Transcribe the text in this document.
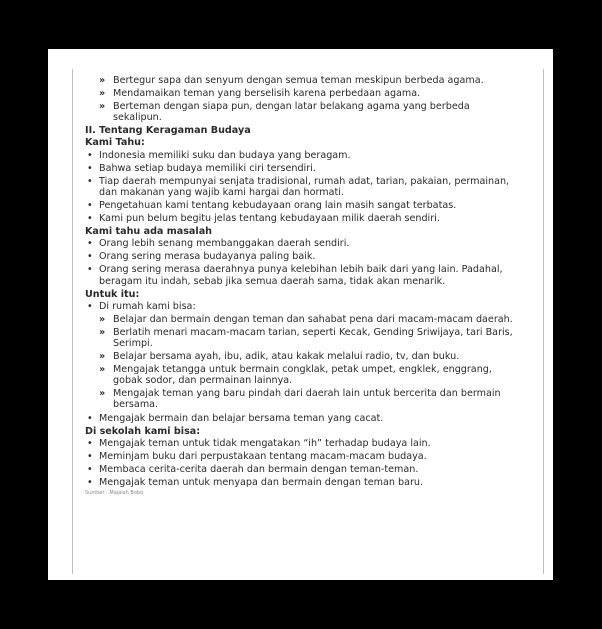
» Bertegur sapa dan senyum dengan semua teman meskipun berbeda agama.
» Mendamaikan teman yang berselisih karena perbedaan agama.
» Berteman dengan siapa pun, dengan latar belakang agama yang berbeda sekalipun.
II. Tentang Keragaman Budaya
Kami Tahu:
• Indonesia memiliki suku dan budaya yang beragam.
• Bahwa setiap budaya memiliki ciri tersendiri.
• Tiap daerah mempunyai senjata tradisional, rumah adat, tarian, pakaian, permainan, dan makanan yang wajib kami hargai dan hormati.
• Pengetahuan kami tentang kebudayaan orang lain masih sangat terbatas.
• Kami pun belum begitu jelas tentang kebudayaan milik daerah sendiri.
Kami tahu ada masalah
• Orang lebih senang membanggakan daerah sendiri.
• Orang sering merasa budayanya paling baik.
• Orang sering merasa daerahnya punya kelebihan lebih baik dari yang lain. Padahal, beragam itu indah, sebab jika semua daerah sama, tidak akan menarik.
Untuk itu:
• Di rumah kami bisa:
» Belajar dan bermain dengan teman dan sahabat pena dari macam-macam daerah.
» Berlatih menari macam-macam tarian, seperti Kecak, Gending Sriwijaya, tari Baris, Serimpi.
» Belajar bersama ayah, ibu, adik, atau kakak melalui radio, tv, dan buku.
» Mengajak tetangga untuk bermain congklak, petak umpet, engklek, enggrang, gobak sodor, dan permainan lainnya.
» Mengajak teman yang baru pindah dari daerah lain untuk bercerita dan bermain bersama.
• Mengajak bermain dan belajar bersama teman yang cacat.
Di sekolah kami bisa:
• Mengajak teman untuk tidak mengatakan “ih” terhadap budaya lain.
• Meminjam buku dari perpustakaan tentang macam-macam budaya.
• Membaca cerita-cerita daerah dan bermain dengan teman-teman.
• Mengajak teman untuk menyapa dan bermain dengan teman baru.
Sumber : Majalah Bobo
